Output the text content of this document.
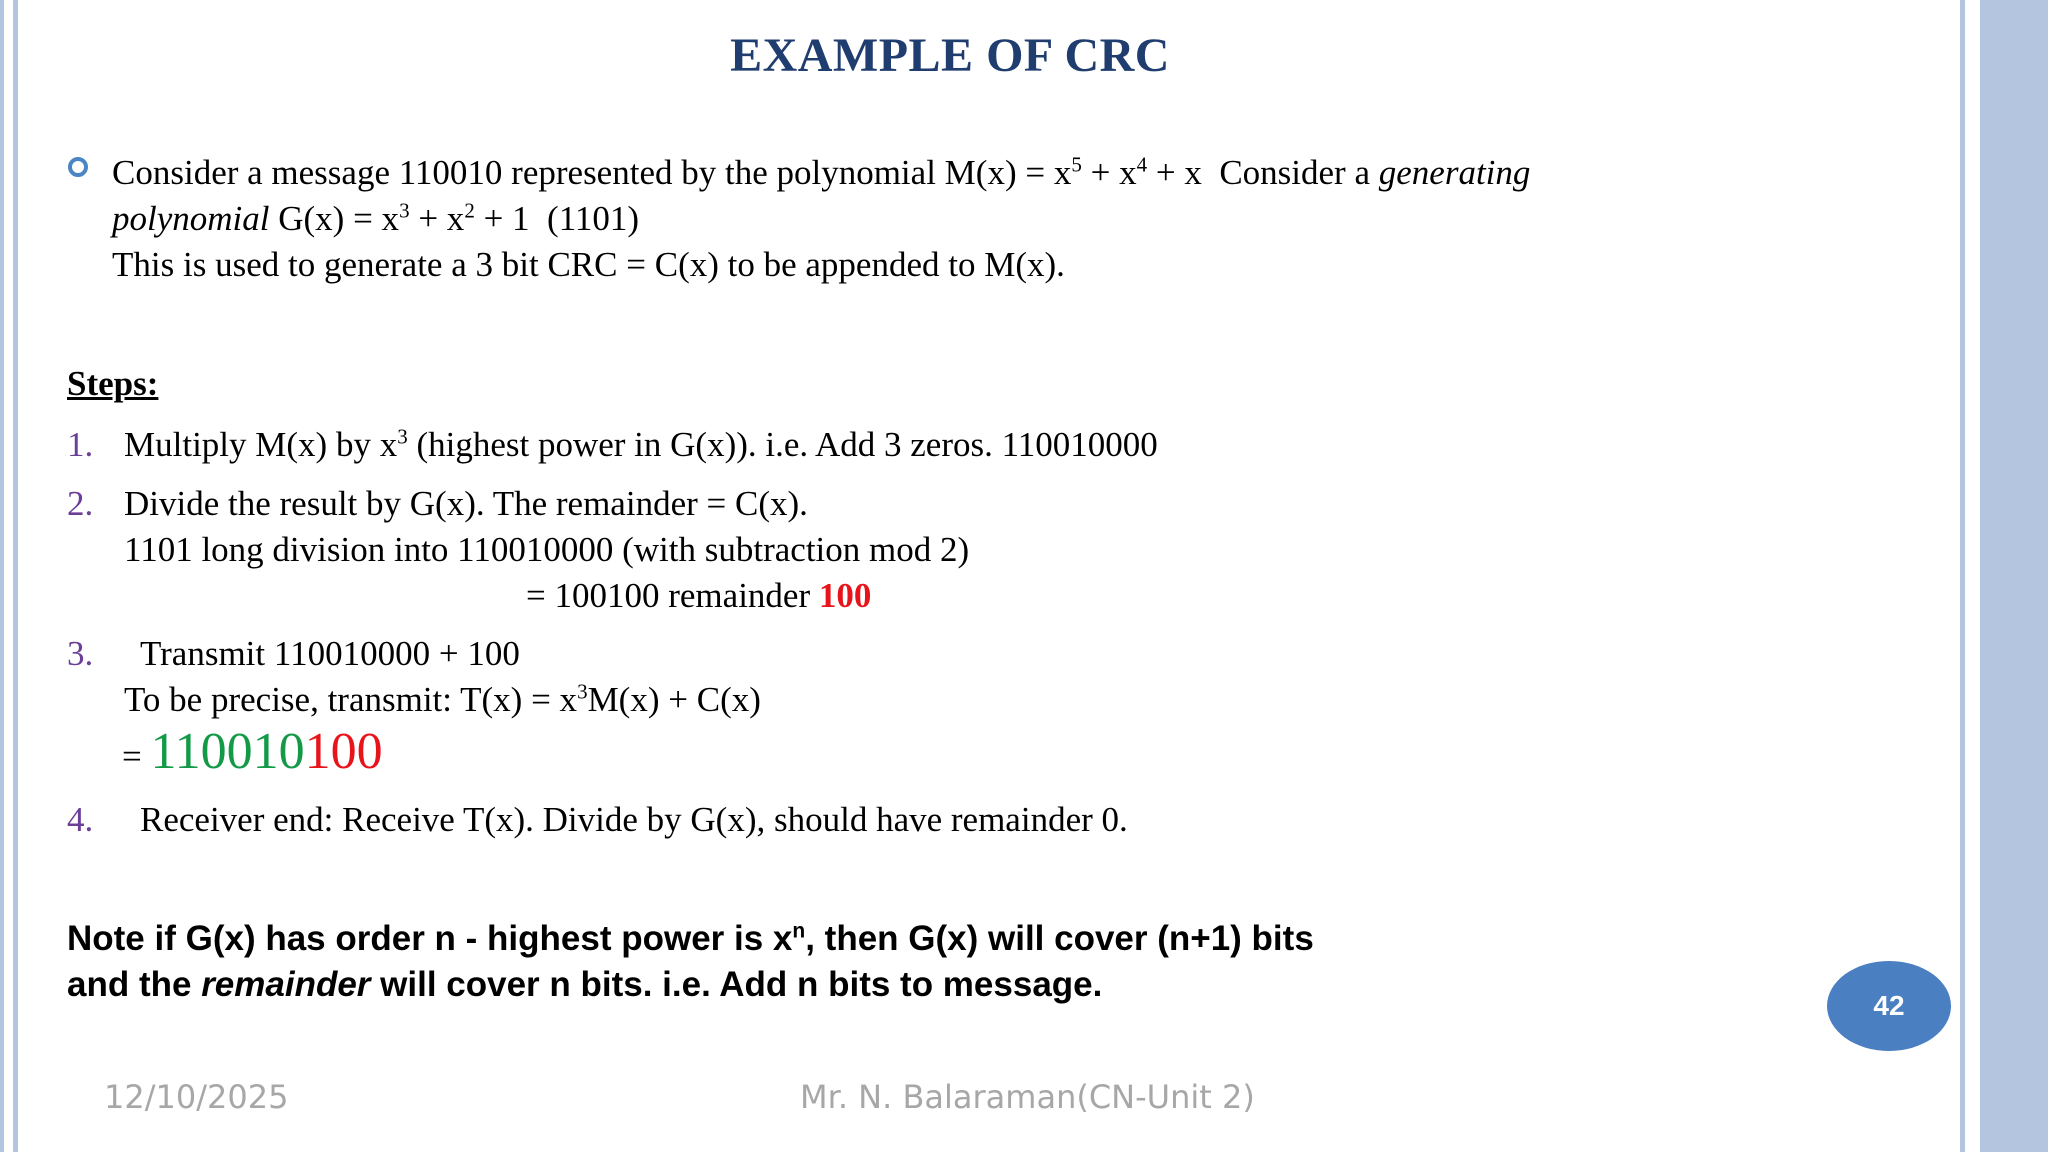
EXAMPLE OF CRC
Consider a message 110010 represented by the polynomial $M(x) = x^5 + x^4 + x$  Consider a generating
polynomial $G(x) = x^3 + x^2 + 1$  (1101)
This is used to generate a 3 bit CRC = C(x) to be appended to M(x).
Steps:
1. Multiply M(x) by $x^3$ (highest power in G(x)). i.e. Add 3 zeros. 110010000
2. Divide the result by G(x). The remainder = C(x).
1101 long division into 110010000 (with subtraction mod 2)
= 100100 remainder 100
3. Transmit 110010000 + 100
To be precise, transmit: $T(x) = x^3M(x) + C(x)$
= 110010100
4. Receiver end: Receive T(x). Divide by G(x), should have remainder 0.
Note if G(x) has order n - highest power is $x^n$, then G(x) will cover (n+1) bits
and the remainder will cover n bits. i.e. Add n bits to message.
42
12/10/2025	Mr. N. Balaraman(CN-Unit 2)
